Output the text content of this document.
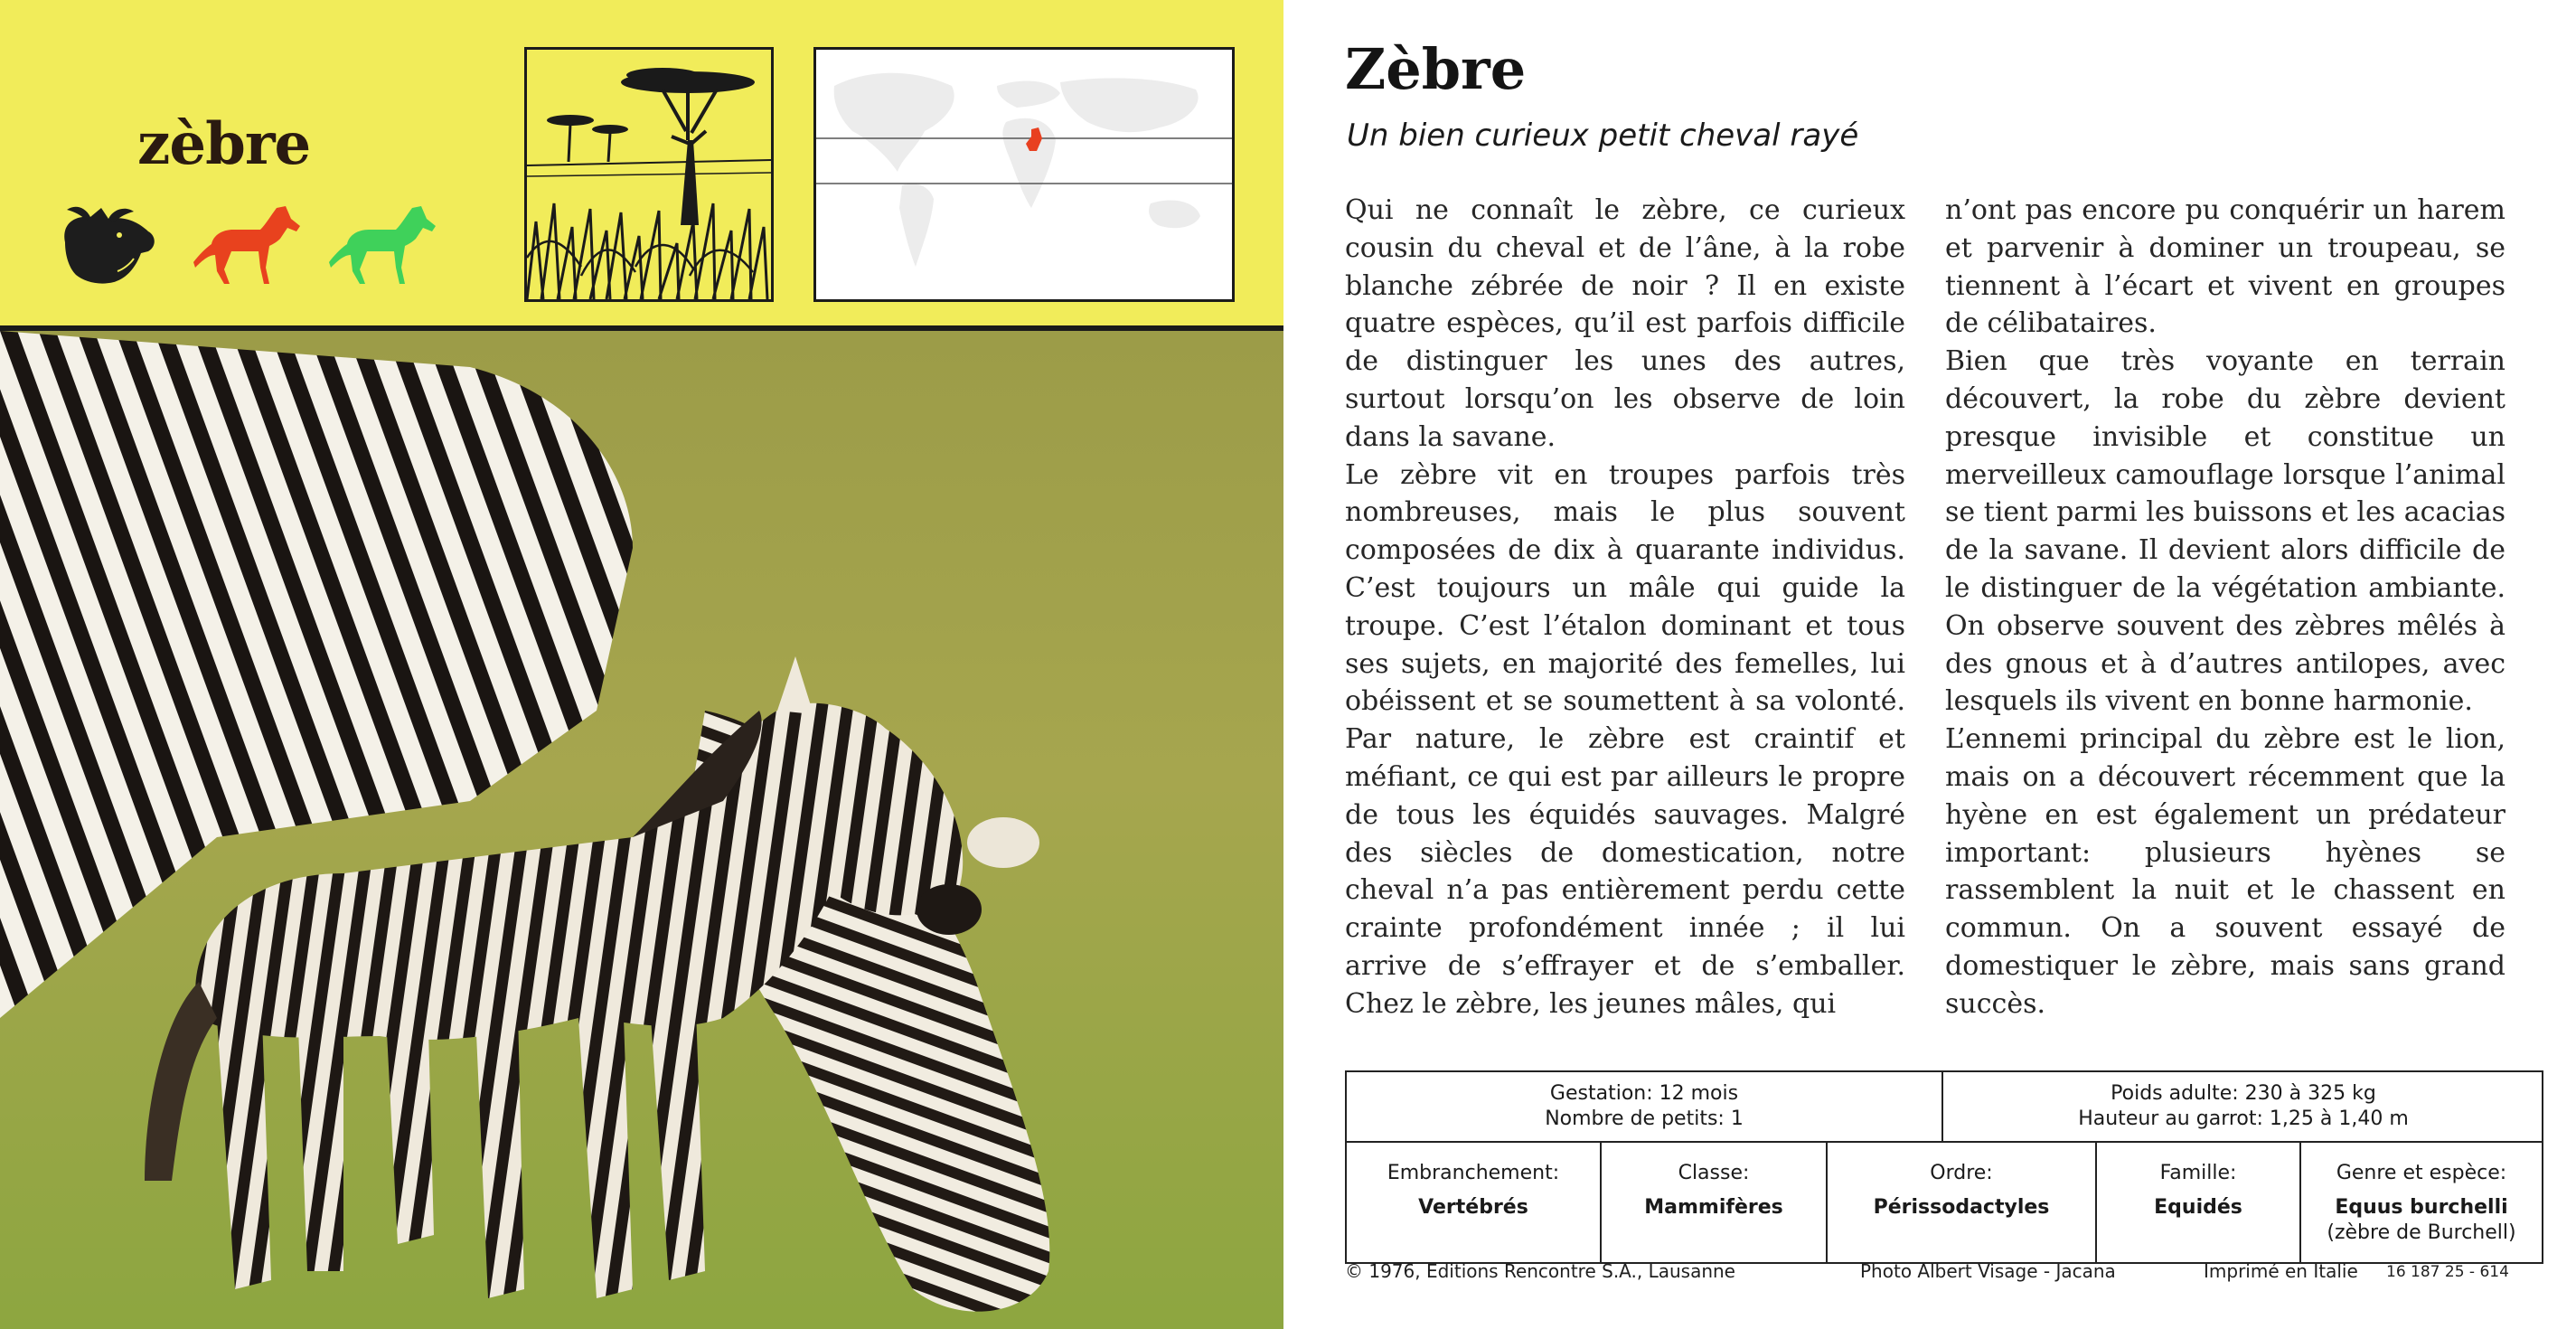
zèbre
Zèbre
Un bien curieux petit cheval rayé

Qui ne connaît le zèbre, ce curieux cousin du cheval et de l’âne, à la robe blanche zébrée de noir ? Il en existe quatre espèces, qu’il est parfois difficile de distinguer les unes des autres, surtout lorsqu’on les observe de loin dans la savane.

Le zèbre vit en troupes parfois très nombreuses, mais le plus souvent composées de dix à quarante individus. C’est toujours un mâle qui guide la troupe. C’est l’étalon dominant et tous ses sujets, en majorité des femelles, lui obéissent et se soumettent à sa volonté. Par nature, le zèbre est craintif et méfiant, ce qui est par ailleurs le propre de tous les équidés sauvages. Malgré des siècles de domestication, notre cheval n’a pas entièrement perdu cette crainte profondément innée ; il lui arrive de s’effrayer et de s’emballer. Chez le zèbre, les jeunes mâles, qui

n’ont pas encore pu conquérir un harem et parvenir à dominer un troupeau, se tiennent à l’écart et vivent en groupes de célibataires.

Bien que très voyante en terrain découvert, la robe du zèbre devient presque invisible et constitue un merveilleux camouflage lorsque l’animal se tient parmi les buissons et les acacias de la savane. Il devient alors difficile de le distinguer de la végétation ambiante. On observe souvent des zèbres mêlés à des gnous et à d’autres antilopes, avec lesquels ils vivent en bonne harmonie.

L’ennemi principal du zèbre est le lion, mais on a découvert récemment que la hyène en est également un prédateur important: plusieurs hyènes se rassemblent la nuit et le chassent en commun. On a souvent essayé de domestiquer le zèbre, mais sans grand succès.

Gestation: 12 mois
Nombre de petits: 1
Poids adulte: 230 à 325 kg
Hauteur au garrot: 1,25 à 1,40 m
Embranchement:
Vertébrés
Classe:
Mammifères
Ordre:
Périssodactyles
Famille:
Equidés
Genre et espèce:
Equus burchelli
(zèbre de Burchell)
© 1976, Editions Rencontre S.A., Lausanne	Photo Albert Visage - Jacana	Imprimé en Italie 16 187 25 - 614
